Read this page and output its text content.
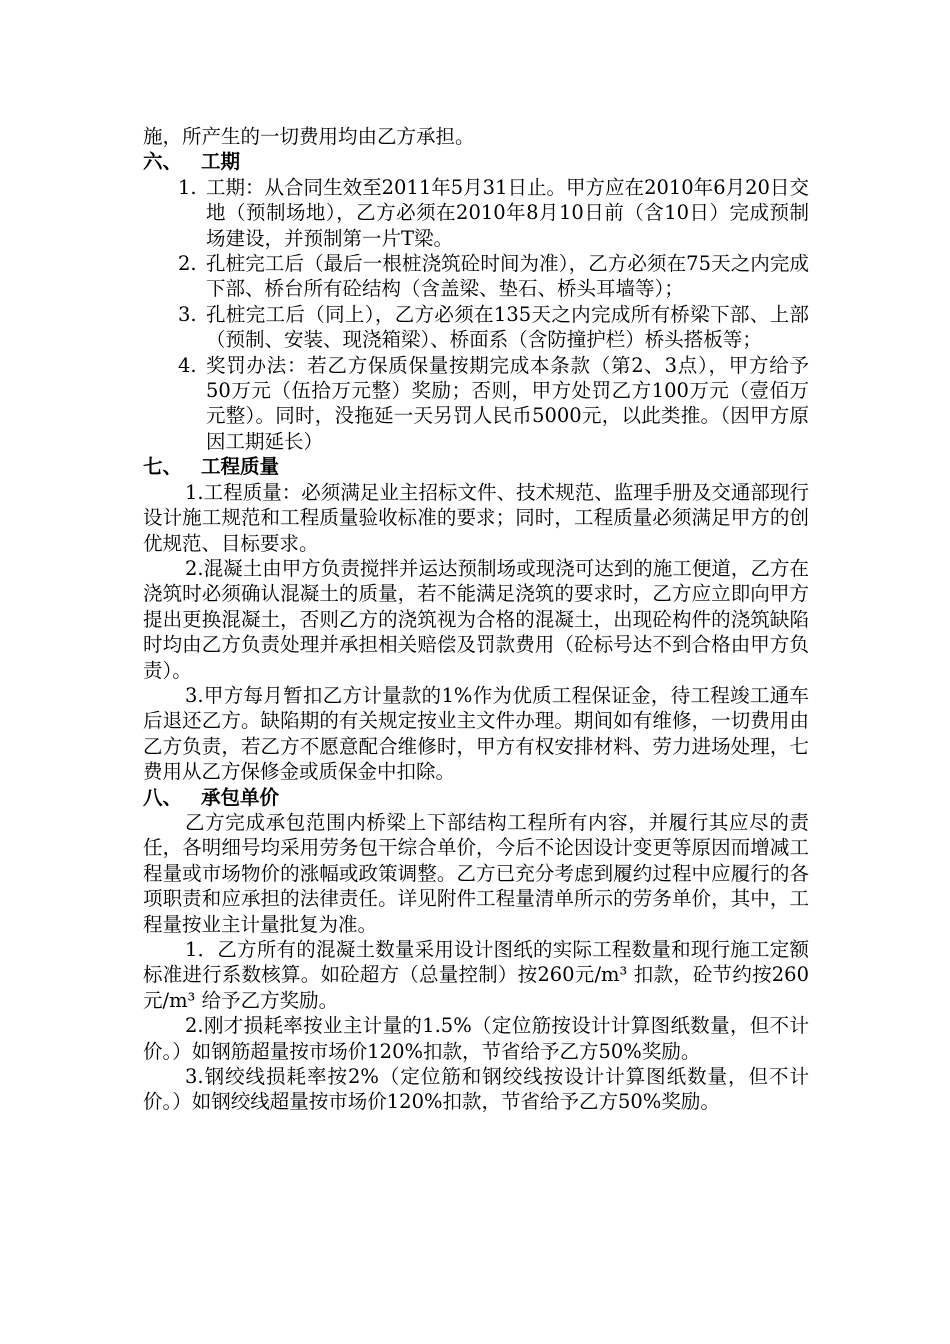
施，所产生的一切费用均由乙方承担。

六、 工期
1. 工期：从合同生效至2011年5月31日止。甲方应在2010年6月20日交地（预制场地），乙方必须在2010年8月10日前（含10日）完成预制场建设，并预制第一片T梁。
2. 孔桩完工后（最后一根桩浇筑砼时间为准），乙方必须在75天之内完成下部、桥台所有砼结构（含盖梁、垫石、桥头耳墙等）；
3. 孔桩完工后（同上），乙方必须在135天之内完成所有桥梁下部、上部（预制、安装、现浇箱梁）、桥面系（含防撞护栏）桥头搭板等；
4. 奖罚办法：若乙方保质保量按期完成本条款（第2、3点），甲方给予50万元（伍拾万元整）奖励；否则，甲方处罚乙方100万元（壹佰万元整）。同时，没拖延一天另罚人民币5000元，以此类推。（因甲方原因工期延长）
七、 工程质量

1.工程质量：必须满足业主招标文件、技术规范、监理手册及交通部现行设计施工规范和工程质量验收标准的要求；同时，工程质量必须满足甲方的创优规范、目标要求。

2.混凝土由甲方负责搅拌并运达预制场或现浇可达到的施工便道，乙方在浇筑时必须确认混凝土的质量，若不能满足浇筑的要求时，乙方应立即向甲方提出更换混凝土，否则乙方的浇筑视为合格的混凝土，出现砼构件的浇筑缺陷时均由乙方负责处理并承担相关赔偿及罚款费用（砼标号达不到合格由甲方负责）。

3.甲方每月暂扣乙方计量款的1%作为优质工程保证金，待工程竣工通车后退还乙方。缺陷期的有关规定按业主文件办理。期间如有维修，一切费用由乙方负责，若乙方不愿意配合维修时，甲方有权安排材料、劳力进场处理，七费用从乙方保修金或质保金中扣除。

八、 承包单价

乙方完成承包范围内桥梁上下部结构工程所有内容，并履行其应尽的责任，各明细号均采用劳务包干综合单价，今后不论因设计变更等原因而增减工程量或市场物价的涨幅或政策调整。乙方已充分考虑到履约过程中应履行的各项职责和应承担的法律责任。详见附件工程量清单所示的劳务单价，其中，工程量按业主计量批复为准。

1．乙方所有的混凝土数量采用设计图纸的实际工程数量和现行施工定额标准进行系数核算。如砼超方（总量控制）按260元/m³ 扣款，砼节约按260元/m³ 给予乙方奖励。

2.刚才损耗率按业主计量的1.5%（定位筋按设计计算图纸数量，但不计价。）如钢筋超量按市场价120%扣款，节省给予乙方50%奖励。

3.钢绞线损耗率按2%（定位筋和钢绞线按设计计算图纸数量，但不计价。）如钢绞线超量按市场价120%扣款，节省给予乙方50%奖励。
